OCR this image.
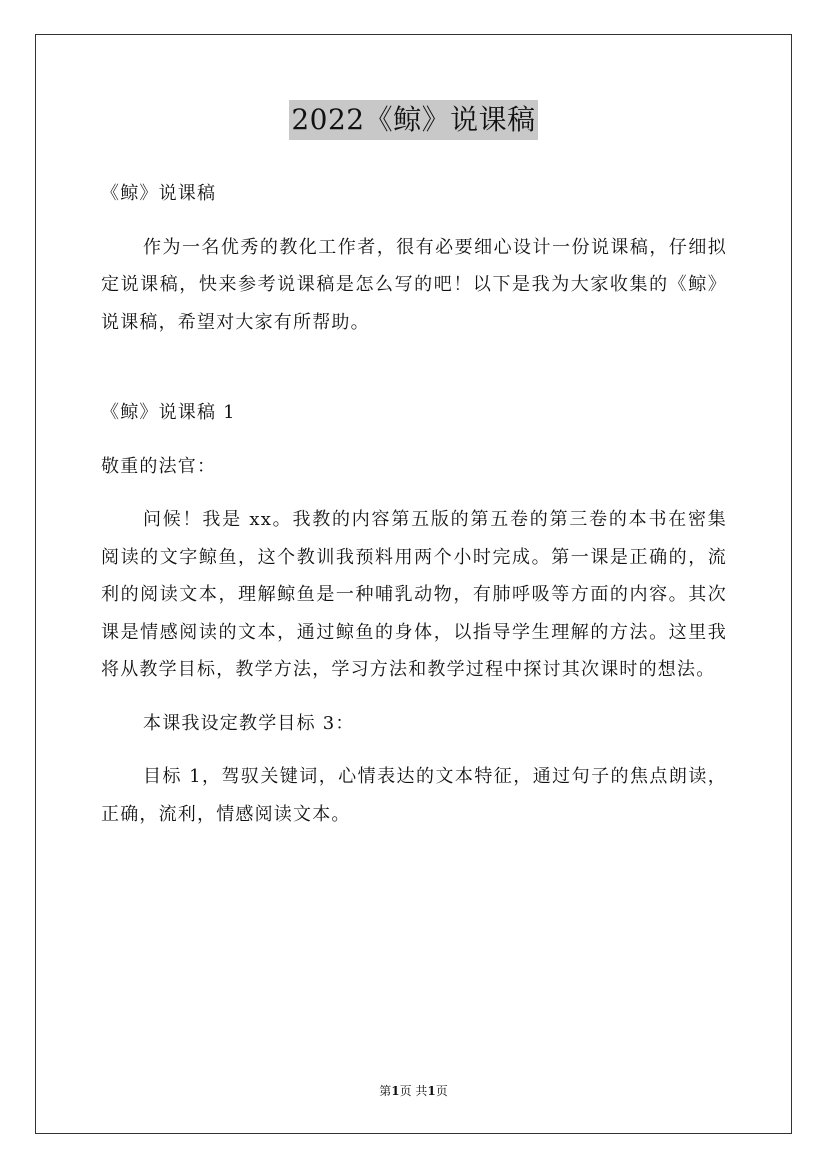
2022《鲸》说课稿

《鲸》说课稿

作为一名优秀的教化工作者，很有必要细心设计一份说课稿，仔细拟定说课稿，快来参考说课稿是怎么写的吧！以下是我为大家收集的《鲸》说课稿，希望对大家有所帮助。

《鲸》说课稿 1

敬重的法官：

问候！我是 xx。我教的内容第五版的第五卷的第三卷的本书在密集阅读的文字鲸鱼，这个教训我预料用两个小时完成。第一课是正确的，流利的阅读文本，理解鲸鱼是一种哺乳动物，有肺呼吸等方面的内容。其次课是情感阅读的文本，通过鲸鱼的身体，以指导学生理解的方法。这里我将从教学目标，教学方法，学习方法和教学过程中探讨其次课时的想法。

本课我设定教学目标 3：

目标 1，驾驭关键词，心情表达的文本特征，通过句子的焦点朗读，正确，流利，情感阅读文本。

第1页 共1页
